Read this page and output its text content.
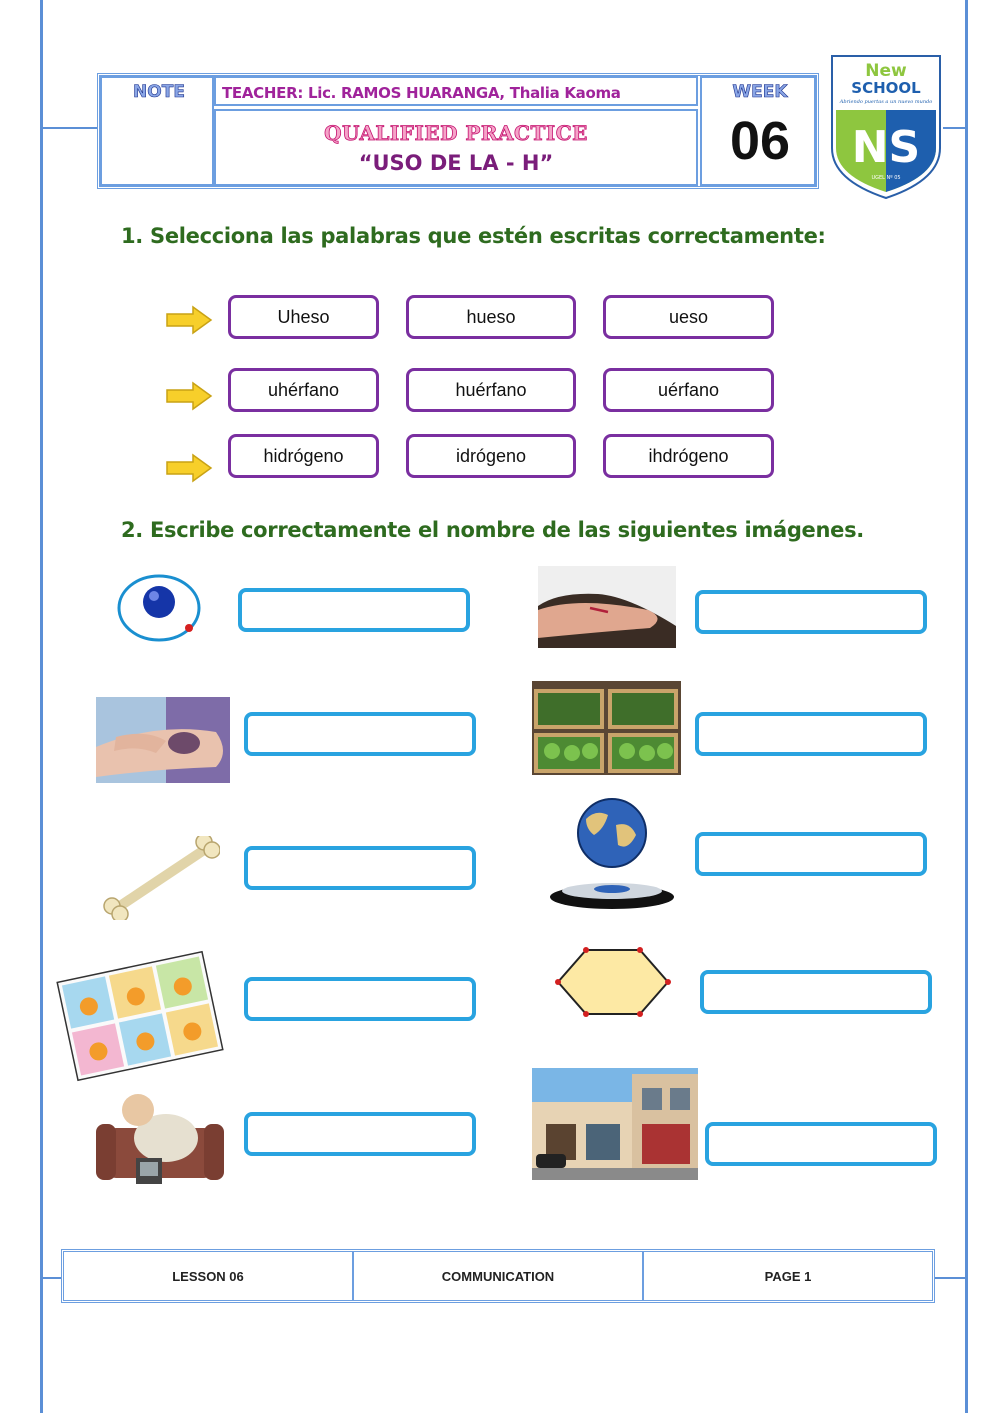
NOTE	TEACHER: Lic. RAMOS HUARANGA, Thalia Kaoma
QUALIFIED PRACTICE
“USO DE LA - H”
WEEK
06
New
SCHOOL
Abriendo puertas a un nuevo mundo
NS
UGEL Nº 05
1. Selecciona las palabras que estén escritas correctamente:
Uheso	hueso	ueso
uhérfano	huérfano	uérfano
hidrógeno	idrógeno	ihdrógeno
2. Escribe correctamente el nombre de las siguientes imágenes.
LESSON 06	COMMUNICATION	PAGE 1
